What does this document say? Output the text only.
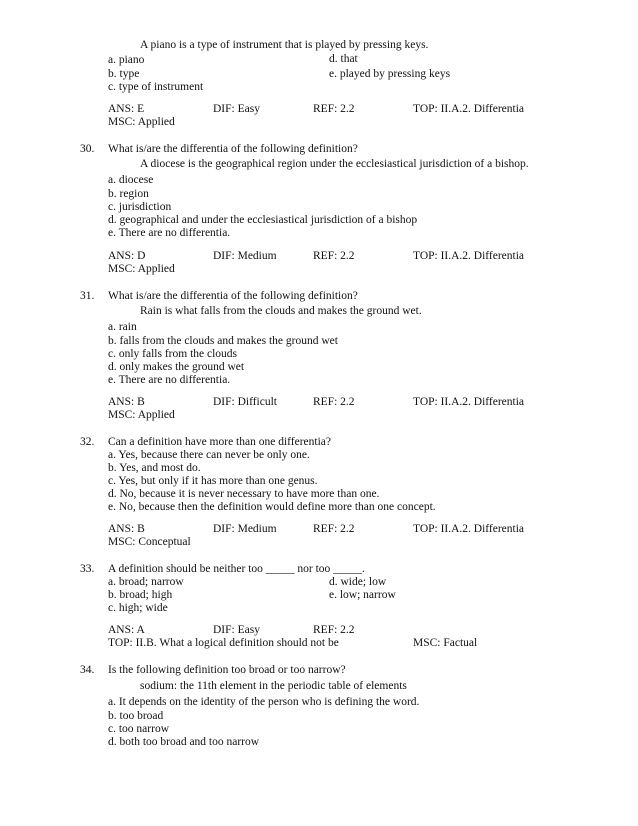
A piano is a type of instrument that is played by pressing keys.
a. piano
b. type
c. type of instrument
d. that
e. played by pressing keys
ANS: E	DIF: Easy	REF: 2.2	TOP: II.A.2. Differentia
MSC: Applied
30. What is/are the differentia of the following definition?
A diocese is the geographical region under the ecclesiastical jurisdiction of a bishop.
a. diocese
b. region
c. jurisdiction
d. geographical and under the ecclesiastical jurisdiction of a bishop
e. There are no differentia.
ANS: D	DIF: Medium	REF: 2.2	TOP: II.A.2. Differentia
MSC: Applied
31. What is/are the differentia of the following definition?
Rain is what falls from the clouds and makes the ground wet.
a. rain
b. falls from the clouds and makes the ground wet
c. only falls from the clouds
d. only makes the ground wet
e. There are no differentia.
ANS: B	DIF: Difficult	REF: 2.2	TOP: II.A.2. Differentia
MSC: Applied
32. Can a definition have more than one differentia?
a. Yes, because there can never be only one.
b. Yes, and most do.
c. Yes, but only if it has more than one genus.
d. No, because it is never necessary to have more than one.
e. No, because then the definition would define more than one concept.
ANS: B	DIF: Medium	REF: 2.2	TOP: II.A.2. Differentia
MSC: Conceptual
33. A definition should be neither too _____ nor too _____.
a. broad; narrow
b. broad; high
c. high; wide
d. wide; low
e. low; narrow
ANS: A	DIF: Easy	REF: 2.2
TOP: II.B. What a logical definition should not be	MSC: Factual
34. Is the following definition too broad or too narrow?
sodium: the 11th element in the periodic table of elements
a. It depends on the identity of the person who is defining the word.
b. too broad
c. too narrow
d. both too broad and too narrow
